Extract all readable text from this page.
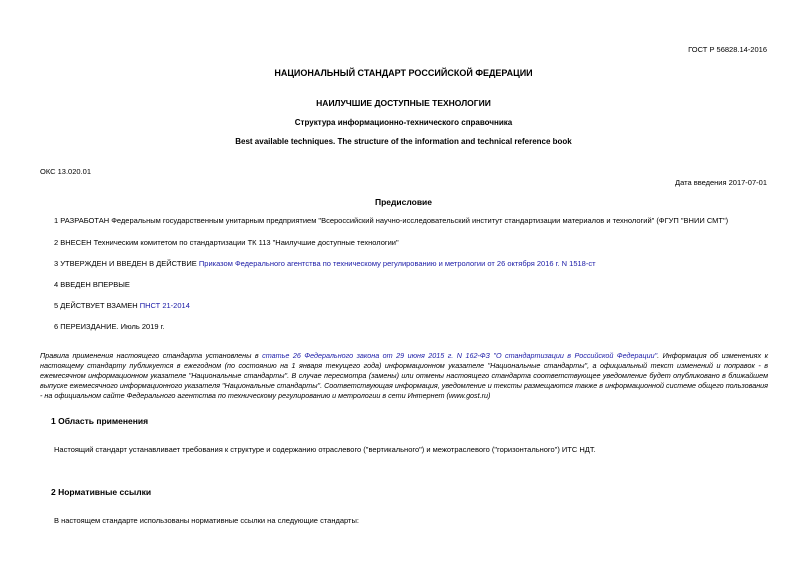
ГОСТ Р 56828.14-2016
НАЦИОНАЛЬНЫЙ СТАНДАРТ РОССИЙСКОЙ ФЕДЕРАЦИИ
НАИЛУЧШИЕ ДОСТУПНЫЕ ТЕХНОЛОГИИ
Структура информационно-технического справочника
Best available techniques. The structure of the information and technical reference book
ОКС 13.020.01
Дата введения 2017-07-01
Предисловие
1 РАЗРАБОТАН Федеральным государственным унитарным предприятием "Всероссийский научно-исследовательский институт стандартизации материалов и технологий" (ФГУП "ВНИИ СМТ")
2 ВНЕСЕН Техническим комитетом по стандартизации ТК 113 "Наилучшие доступные технологии"
3 УТВЕРЖДЕН И ВВЕДЕН В ДЕЙСТВИЕ Приказом Федерального агентства по техническому регулированию и метрологии от 26 октября 2016 г. N 1518-ст
4 ВВЕДЕН ВПЕРВЫЕ
5 ДЕЙСТВУЕТ ВЗАМЕН ПНСТ 21-2014
6 ПЕРЕИЗДАНИЕ. Июль 2019 г.
Правила применения настоящего стандарта установлены в статье 26 Федерального закона от 29 июня 2015 г. N 162-ФЗ "О стандартизации в Российской Федерации". Информация об изменениях к настоящему стандарту публикуется в ежегодном (по состоянию на 1 января текущего года) информационном указателе "Национальные стандарты", а официальный текст изменений и поправок - в ежемесячном информационном указателе "Национальные стандарты". В случае пересмотра (замены) или отмены настоящего стандарта соответствующее уведомление будет опубликовано в ближайшем выпуске ежемесячного информационного указателя "Национальные стандарты". Соответствующая информация, уведомление и тексты размещаются также в информационной системе общего пользования - на официальном сайте Федерального агентства по техническому регулированию и метрологии в сети Интернет (www.gost.ru)
1 Область применения
Настоящий стандарт устанавливает требования к структуре и содержанию отраслевого ("вертикального") и межотраслевого ("горизонтального") ИТС НДТ.
2 Нормативные ссылки
В настоящем стандарте использованы нормативные ссылки на следующие стандарты:
